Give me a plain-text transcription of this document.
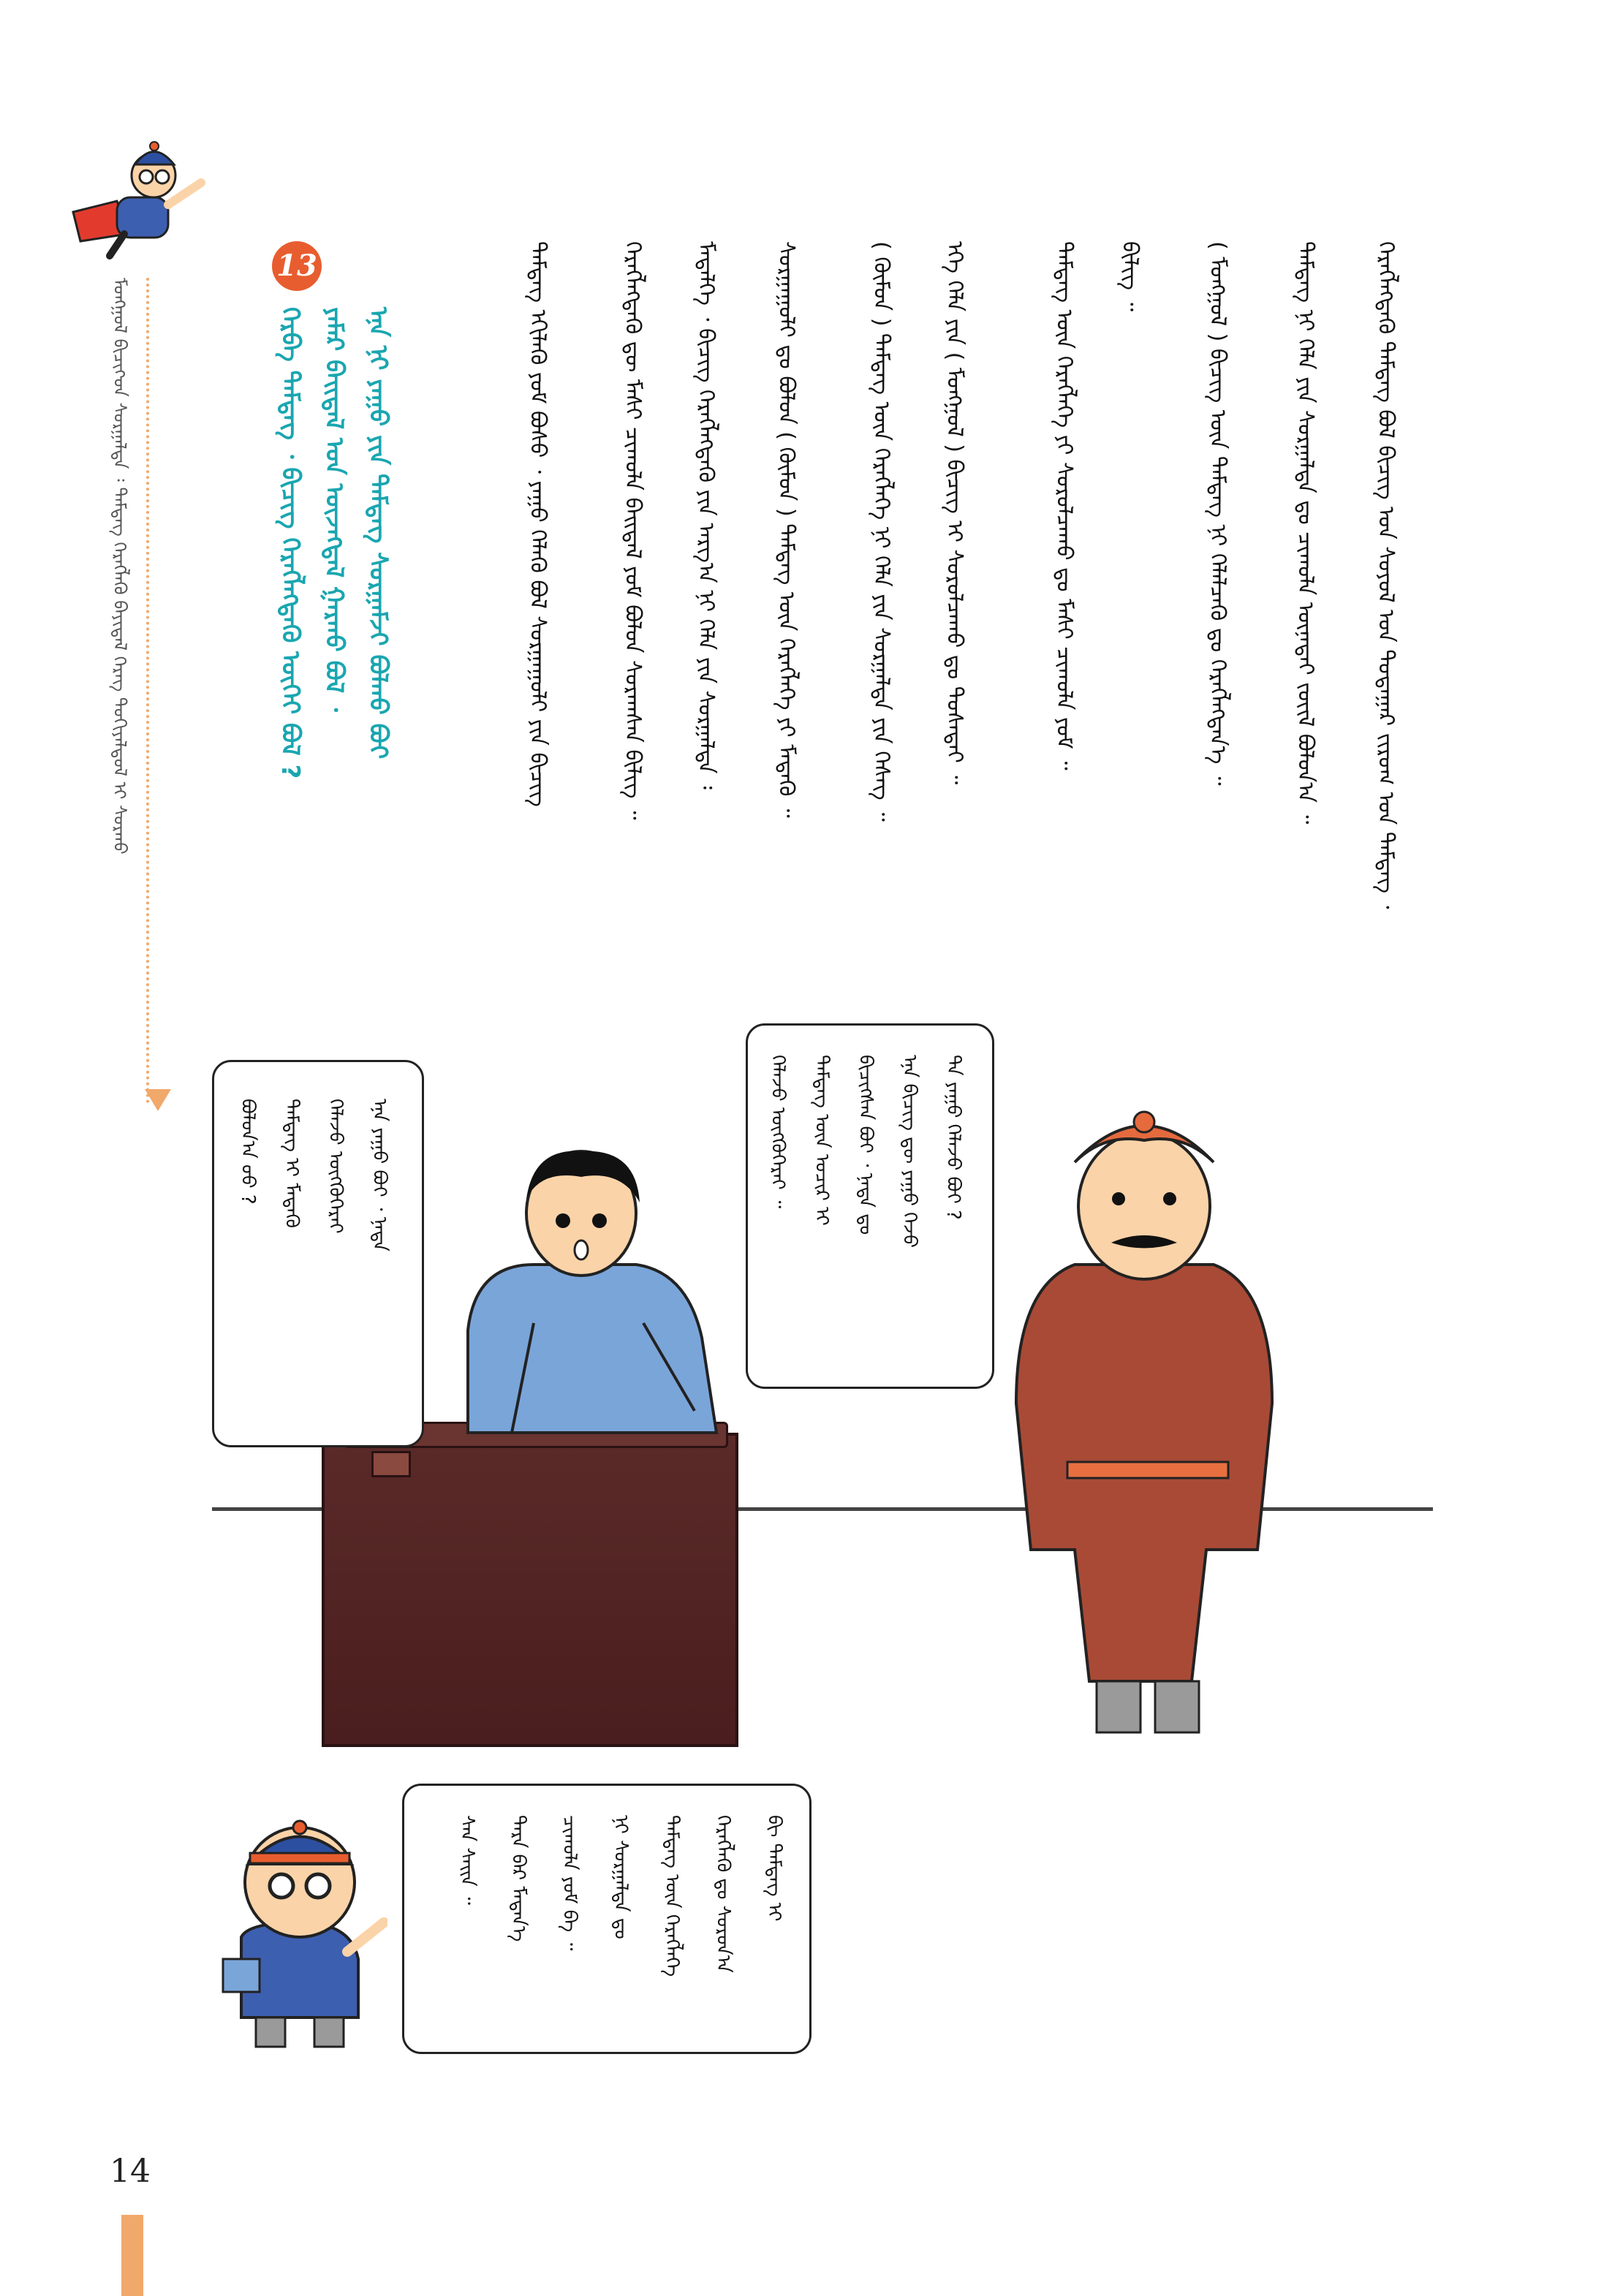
ᠮᠣᠩᠭᠣᠯ ᠪᠢᠴᠢᠭ᠌ᠤᠨ ᠰᠤᠷᠭᠠᠯᠲᠠ ᠄ ᠲᠡᠮᠳᠡᠭ᠌ ᠬᠡᠷᠡᠭᠯᠡᠬᠦ ᠪᠠᠶᠢᠳᠠᠯ ᠬᠡᠷᠡᠭ ᠲᠣᠬᠢᠶᠠᠯᠳᠤᠯ ᠢ ᠰᠤᠷᠬᠤ
13
ᠬᠡᠷᠪᠡ ᠲᠡᠮᠳᠡᠭ᠌ ᠂ ᠪᠢᠴᠢᠭ᠌ ᠬᠡᠷᠡᠭᠯᠡᠭᠳᠡᠬᠦ ᠦᠭᠡᠢ ᠪᠣᠯ ? ᠶᠠᠮᠠᠷ ᠪᠠᠢᠳᠠᠯ ᠤᠨ ᠦᠵᠡᠭᠳᠡᠯ ᠭᠠᠷᠬᠤ ᠪᠣᠯ ᠂ ᠡᠨᠡ ᠨᠢ ᠶᠠᠭᠤ ᠶᠢᠨ ᠲᠡᠮᠳᠡᠭ᠌ ᠰᠤᠷᠭᠠᠮᠵᠢ ᠪᠣᠯᠬᠤ ᠪᠤᠢ	ᠬᠡᠷᠡᠭᠯᠡᠭᠳᠡᠬᠦ ᠲᠡᠮᠳᠡᠭ᠌ ᠪᠣᠯ ᠪᠢᠴᠢᠭ᠌ ᠤᠨ ᠰᠣᠶᠣᠯ ᠤᠨ ᠳᠤᠲᠠᠭᠠᠷ ᠵᠢᠷᠤᠭ ᠤᠨ ᠲᠡᠮᠳᠡᠭ᠌ ᠂
ᠲᠡᠮᠳᠡᠭ᠌ ᠨᠢ ᠬᠡᠯᠡ ᠶᠢᠨ ᠰᠤᠷᠭᠠᠯᠲᠠ ᠳᠤ ᠴᠢᠬᠤᠯᠠ ᠦᠨᠡᠲᠡᠢ ᠵᠦᠢᠯ ᠪᠣᠯᠤᠨ᠎ᠠ ᠃
( ᠮᠣᠩᠭᠣᠯ ) ᠪᠢᠴᠢᠭ᠌ ᠦᠨ ᠲᠡᠮᠳᠡᠭ᠌ ᠨᠢ ᠬᠡᠯᠡᠯᠴᠡᠬᠦ ᠳᠤ ᠬᠡᠷᠡᠭᠯᠡᠭᠳᠡᠨ᠎ᠡ ᠃
ᠪᠢᠯᠢᠭ ᠃
ᠲᠡᠮᠳᠡᠭ᠌ ᠦᠨ ᠬᠡᠷᠡᠭᠯᠡᠭᠡ ᠶᠢ ᠰᠤᠷᠤᠯᠴᠠᠬᠤ ᠳᠤ ᠮᠠᠰᠢ ᠴᠢᠬᠤᠯᠠ ᠶᠤᠮ ᠃
ᠡᠬᠡ ᠬᠡᠯᠡ ᠶᠢᠨ ( ᠮᠣᠩᠭᠣᠯ ) ᠪᠢᠴᠢᠭ᠌ ᠢ ᠰᠤᠷᠤᠯᠴᠠᠬᠤ ᠳᠤ ᠲᠤᠰᠠᠲᠠᠢ ᠃
( ᠬᠦᠮᠦᠨ ) ᠲᠡᠮᠳᠡᠭ᠌ ᠦᠨ ᠬᠡᠷᠡᠭᠯᠡᠭᠡ ᠨᠢ ᠬᠡᠯᠡ ᠶᠢᠨ ᠰᠤᠷᠭᠠᠯᠲᠠ ᠶᠢᠨ ᠬᠡᠰᠡᠭ ᠃
ᠰᠤᠷᠭᠠᠭᠤᠯᠢ ᠳᠤ ᠪᠣᠯᠤᠨ ( ᠬᠦᠮᠦᠨ ) ᠲᠡᠮᠳᠡᠭ᠌ ᠦᠨ ᠬᠡᠷᠡᠭᠯᠡᠭᠡ ᠶᠢ ᠮᠡᠳᠡᠬᠦ ᠃
ᠮᠡᠳᠡᠯᠭᠡ ᠂ ᠪᠢᠴᠢᠭ᠌ ᠬᠡᠷᠡᠭᠯᠡᠭᠳᠡᠬᠦ ᠶᠢᠨ ᠠᠷᠭ᠎ᠠ ᠨᠢ ᠬᠡᠯᠡ ᠶᠢᠨ ᠰᠤᠷᠭᠠᠯᠲᠠ ᠄
ᠬᠡᠷᠡᠭᠯᠡᠭᠳᠡᠬᠦ ᠳᠦ ᠮᠠᠰᠢ ᠴᠢᠬᠤᠯᠠ ᠪᠠᠢᠳᠠᠯ ᠶᠤᠮ ᠪᠣᠯᠤᠨ ᠰᠤᠷᠠᠭᠰᠠᠨ ᠪᠢᠯᠢᠭ ᠃
ᠲᠡᠮᠳᠡᠭ᠌ ᠡᠬᠢᠯᠡᠬᠦ ᠶᠤᠮ ᠪᠤᠰᠤ ᠂ ᠶᠠᠭᠤ ᠬᠡᠯᠡᠬᠦ ᠪᠣᠯ ᠰᠤᠷᠭᠠᠭᠤᠯᠢ ᠶᠢᠨ ᠪᠢᠴᠢᠭ᠌
ᠡᠨᠡ ᠶᠠᠭᠤ ᠪᠤᠢ ᠂ ᠨᠠᠳᠠ
ᠬᠡᠯᠡᠵᠦ ᠦᠭᠭᠦᠭᠡᠷᠡᠢ
ᠲᠡᠮᠳᠡᠭ᠌ ᠢ ᠮᠡᠳᠡᠬᠦ
ᠪᠣᠯᠤᠨ᠎ᠠ ᠤᠤ ?	ᠲᠠ ᠶᠠᠭᠤ ᠬᠡᠯᠡᠵᠦ ᠪᠣᠢ ?
ᠡᠨᠡ ᠪᠢᠴᠢᠭ᠌ ᠳᠦ ᠶᠠᠭᠤ ᠭᠡᠵᠦ
ᠪᠢᠴᠢᠭᠰᠡᠨ ᠪᠣᠢ ᠂ ᠨᠠᠳᠠ ᠳᠤ
ᠲᠡᠮᠳᠡᠭ᠌ ᠦᠨ ᠤᠴᠢᠷ ᠢ
ᠬᠡᠯᠡᠵᠦ ᠦᠭᠭᠦᠭᠡᠷᠡᠢ ᠃
ᠪᠢ ᠲᠡᠮᠳᠡᠭ᠌ ᠢ
ᠬᠡᠷᠡᠭᠯᠡᠬᠦ ᠳᠤ ᠰᠤᠷᠤᠨ᠎ᠠ
ᠲᠡᠮᠳᠡᠭ᠌ ᠦᠨ ᠬᠡᠷᠡᠭᠯᠡᠭᠡ
ᠨᠢ ᠰᠤᠷᠭᠠᠯᠲᠠ ᠳᠤ
ᠴᠢᠬᠤᠯᠠ ᠶᠤᠮ ᠪᠠ ᠃
ᠲᠡᠷᠡ ᠪᠠᠷ ᠮᠡᠳᠡᠨ᠎ᠡ
ᠰᠡᠨ ᠰᠠᠢᠨ ᠃
14
